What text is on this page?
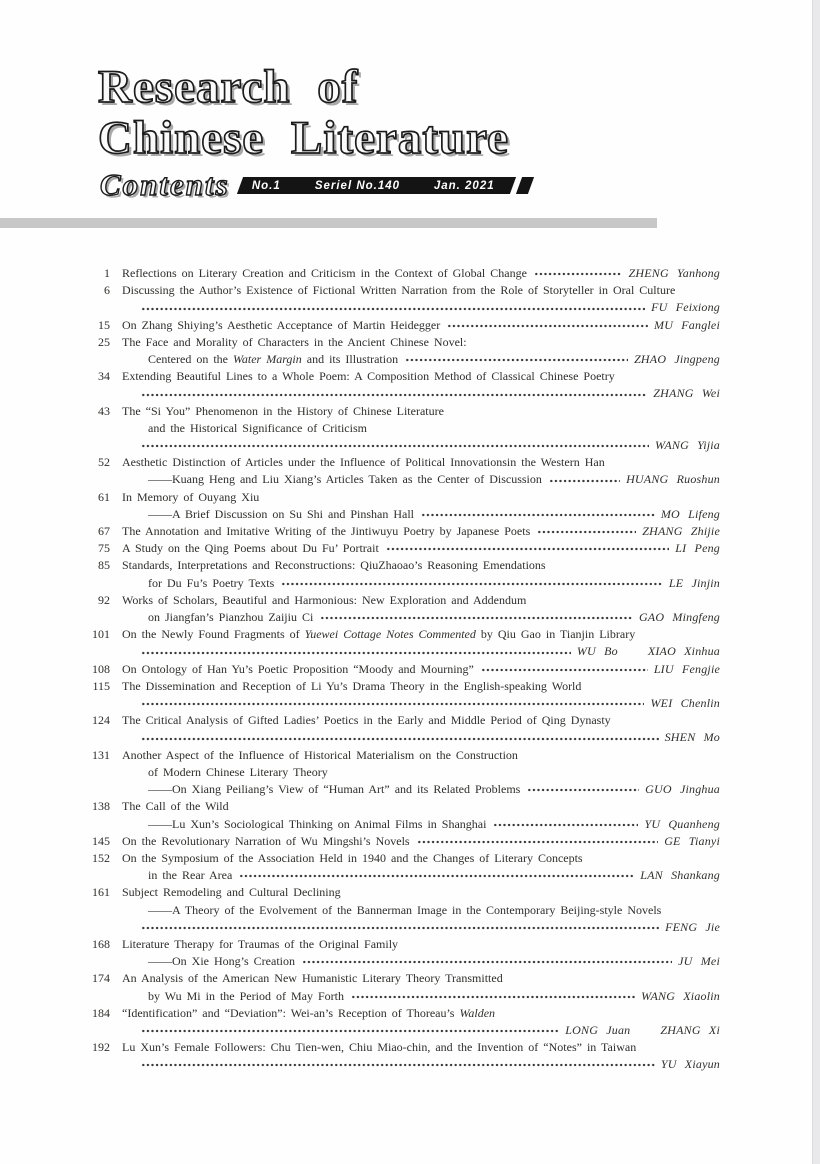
Research of
Chinese Literature
Contents	No.1	Seriel No.140	Jan. 2021
1 Reflections on Literary Creation and Criticism in the Context of Global Change	ZHENG Yanhong
6 Discussing the Author’s Existence of Fictional Written Narration from the Role of Storyteller in Oral Culture
FU Feixiong
15 On Zhang Shiying’s Aesthetic Acceptance of Martin Heidegger	MU Fanglei
25 The Face and Morality of Characters in the Ancient Chinese Novel:
Centered on the Water Margin and its Illustration	ZHAO Jingpeng
34 Extending Beautiful Lines to a Whole Poem: A Composition Method of Classical Chinese Poetry
ZHANG Wei
43 The “Si You” Phenomenon in the History of Chinese Literature
and the Historical Significance of Criticism
WANG Yijia
52 Aesthetic Distinction of Articles under the Influence of Political Innovationsin the Western Han
——Kuang Heng and Liu Xiang’s Articles Taken as the Center of Discussion	HUANG Ruoshun
61 In Memory of Ouyang Xiu
——A Brief Discussion on Su Shi and Pinshan Hall	MO Lifeng
67 The Annotation and Imitative Writing of the Jintiwuyu Poetry by Japanese Poets	ZHANG Zhijie
75 A Study on the Qing Poems about Du Fu’ Portrait	LI Peng
85 Standards, Interpretations and Reconstructions: QiuZhaoao’s Reasoning Emendations
for Du Fu’s Poetry Texts	LE Jinjin
92 Works of Scholars, Beautiful and Harmonious: New Exploration and Addendum
on Jiangfan’s Pianzhou Zaijiu Ci	GAO Mingfeng
101 On the Newly Found Fragments of Yuewei Cottage Notes Commented by Qiu Gao in Tianjin Library
WU Bo	XIAO Xinhua
108 On Ontology of Han Yu’s Poetic Proposition “Moody and Mourning”	LIU Fengjie
115 The Dissemination and Reception of Li Yu’s Drama Theory in the English-speaking World
WEI Chenlin
124 The Critical Analysis of Gifted Ladies’ Poetics in the Early and Middle Period of Qing Dynasty
SHEN Mo
131 Another Aspect of the Influence of Historical Materialism on the Construction
of Modern Chinese Literary Theory
——On Xiang Peiliang’s View of “Human Art” and its Related Problems	GUO Jinghua
138 The Call of the Wild
——Lu Xun’s Sociological Thinking on Animal Films in Shanghai	YU Quanheng
145 On the Revolutionary Narration of Wu Mingshi’s Novels	GE Tianyi
152 On the Symposium of the Association Held in 1940 and the Changes of Literary Concepts
in the Rear Area	LAN Shankang
161 Subject Remodeling and Cultural Declining
——A Theory of the Evolvement of the Bannerman Image in the Contemporary Beijing-style Novels
FENG Jie
168 Literature Therapy for Traumas of the Original Family
——On Xie Hong’s Creation	JU Mei
174 An Analysis of the American New Humanistic Literary Theory Transmitted
by Wu Mi in the Period of May Forth	WANG Xiaolin
184 “Identification” and “Deviation”: Wei-an’s Reception of Thoreau’s Walden
LONG Juan	ZHANG Xi
192 Lu Xun’s Female Followers: Chu Tien-wen, Chiu Miao-chin, and the Invention of “Notes” in Taiwan
YU Xiayun
